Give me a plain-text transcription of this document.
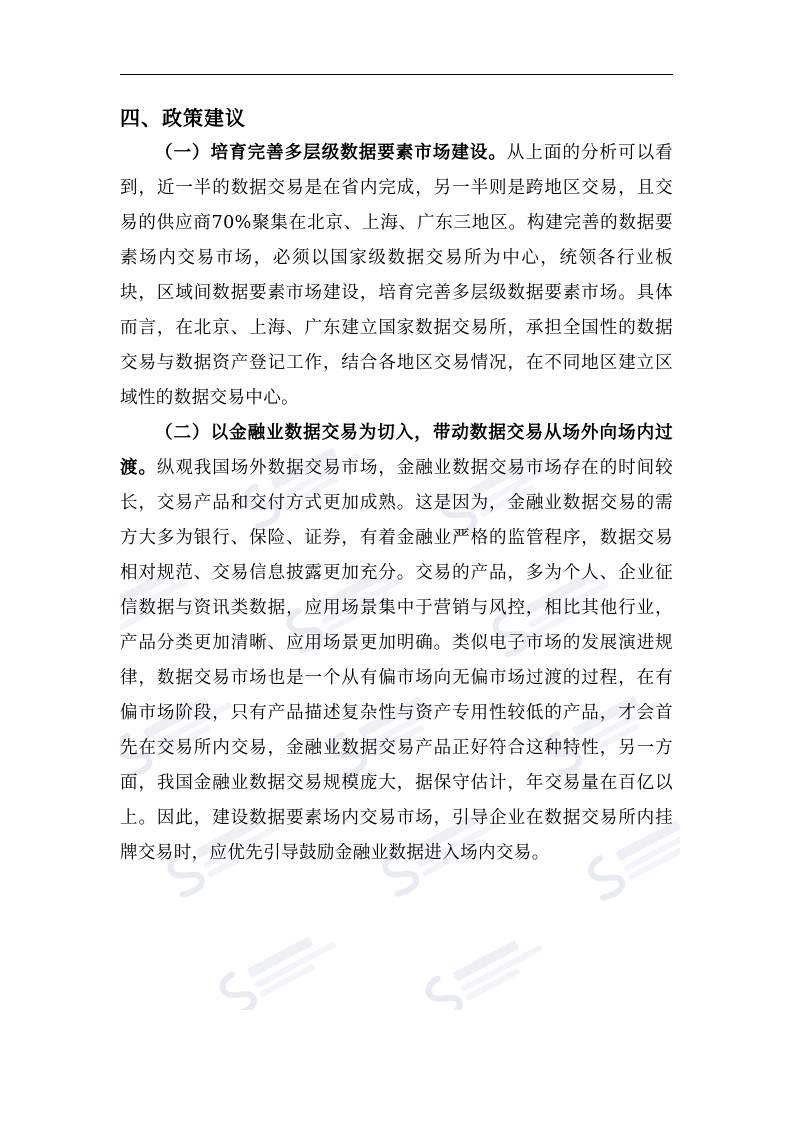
四、政策建议

（一）培育完善多层级数据要素市场建设。从上面的分析可以看到，近一半的数据交易是在省内完成，另一半则是跨地区交易，且交易的供应商70%聚集在北京、上海、广东三地区。构建完善的数据要素场内交易市场，必须以国家级数据交易所为中心，统领各行业板块，区域间数据要素市场建设，培育完善多层级数据要素市场。具体而言，在北京、上海、广东建立国家数据交易所，承担全国性的数据交易与数据资产登记工作，结合各地区交易情况，在不同地区建立区域性的数据交易中心。

（二）以金融业数据交易为切入，带动数据交易从场外向场内过渡。纵观我国场外数据交易市场，金融业数据交易市场存在的时间较长，交易产品和交付方式更加成熟。这是因为，金融业数据交易的需方大多为银行、保险、证券，有着金融业严格的监管程序，数据交易相对规范、交易信息披露更加充分。交易的产品，多为个人、企业征信数据与资讯类数据，应用场景集中于营销与风控，相比其他行业，产品分类更加清晰、应用场景更加明确。类似电子市场的发展演进规律，数据交易市场也是一个从有偏市场向无偏市场过渡的过程，在有偏市场阶段，只有产品描述复杂性与资产专用性较低的产品，才会首先在交易所内交易，金融业数据交易产品正好符合这种特性，另一方面，我国金融业数据交易规模庞大，据保守估计，年交易量在百亿以上。因此，建设数据要素场内交易市场，引导企业在数据交易所内挂牌交易时，应优先引导鼓励金融业数据进入场内交易。
